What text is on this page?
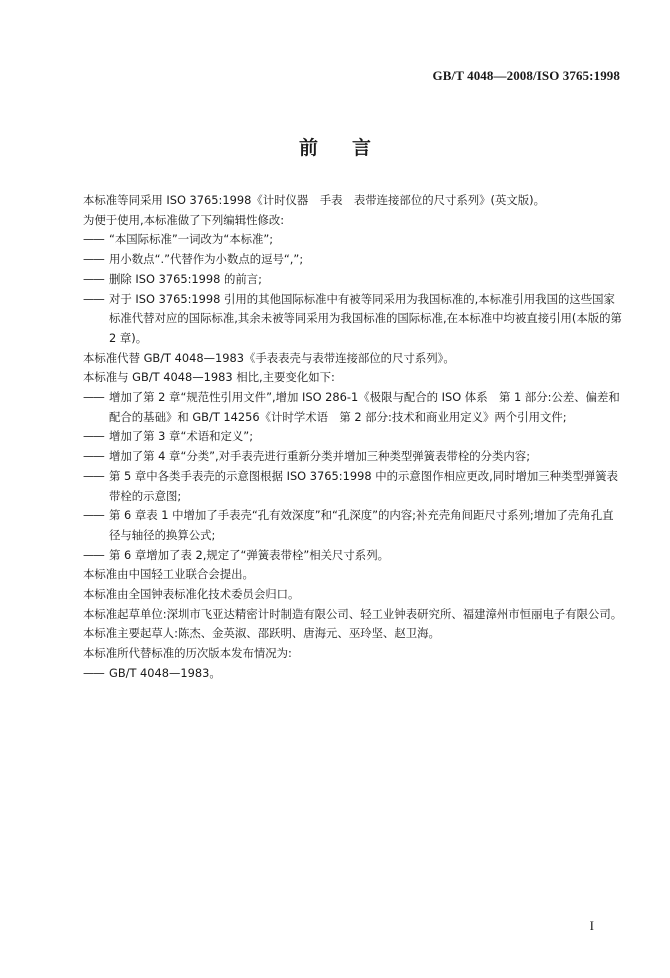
GB/T 4048—2008/ISO 3765:1998
前 言

本标准等同采用 ISO 3765:1998《计时仪器　手表　表带连接部位的尺寸系列》(英文版)。

为便于使用,本标准做了下列编辑性修改:

—— “本国际标准”一词改为“本标准”;

—— 用小数点“.”代替作为小数点的逗号“,”;

—— 删除 ISO 3765:1998 的前言;

—— 对于 ISO 3765:1998 引用的其他国际标准中有被等同采用为我国标准的,本标准引用我国的这些国家标准代替对应的国际标准,其余未被等同采用为我国标准的国际标准,在本标准中均被直接引用(本版的第 2 章)。

本标准代替 GB/T 4048—1983《手表表壳与表带连接部位的尺寸系列》。

本标准与 GB/T 4048—1983 相比,主要变化如下:

—— 增加了第 2 章“规范性引用文件”,增加 ISO 286-1《极限与配合的 ISO 体系　第 1 部分:公差、偏差和配合的基础》和 GB/T 14256《计时学术语　第 2 部分:技术和商业用定义》两个引用文件;

—— 增加了第 3 章“术语和定义”;

—— 增加了第 4 章“分类”,对手表壳进行重新分类并增加三种类型弹簧表带栓的分类内容;

—— 第 5 章中各类手表壳的示意图根据 ISO 3765:1998 中的示意图作相应更改,同时增加三种类型弹簧表带栓的示意图;

—— 第 6 章表 1 中增加了手表壳“孔有效深度”和“孔深度”的内容;补充壳角间距尺寸系列;增加了壳角孔直径与轴径的换算公式;

—— 第 6 章增加了表 2,规定了“弹簧表带栓”相关尺寸系列。

本标准由中国轻工业联合会提出。

本标准由全国钟表标准化技术委员会归口。

本标准起草单位:深圳市飞亚达精密计时制造有限公司、轻工业钟表研究所、福建漳州市恒丽电子有限公司。

本标准主要起草人:陈杰、金英淑、邵跃明、唐海元、巫玲坚、赵卫海。

本标准所代替标准的历次版本发布情况为:

—— GB/T 4048—1983。

I
